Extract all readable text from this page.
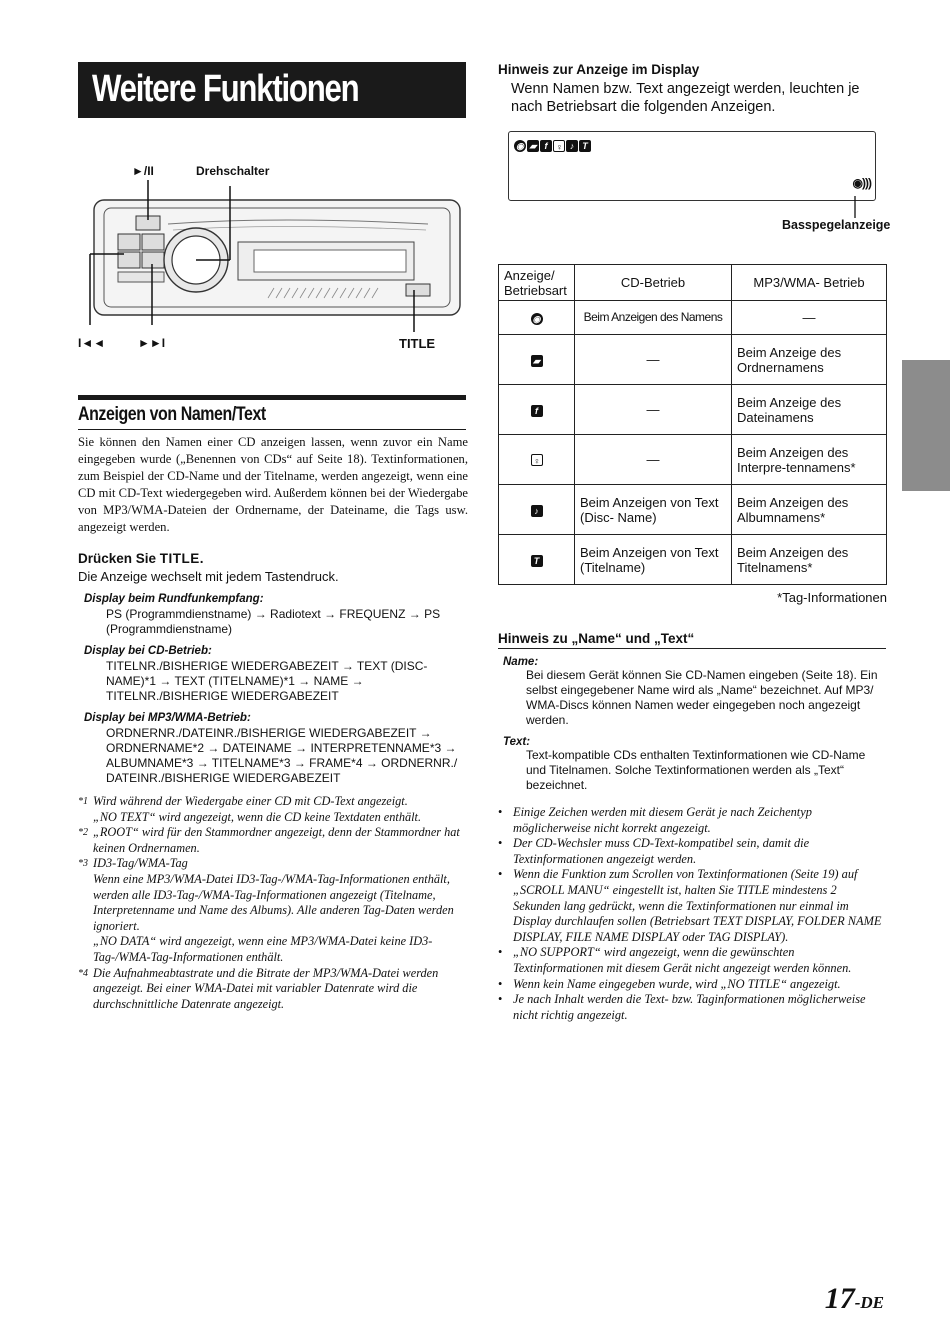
Weitere Funktionen
►/II	Drehschalter
I◄◄	►►I	TITLE
Anzeigen von Namen/Text
Sie können den Namen einer CD anzeigen lassen, wenn zuvor ein Name eingegeben wurde („Benennen von CDs“ auf Seite 18). Textinformationen, zum Beispiel der CD-Name und der Titelname, werden angezeigt, wenn eine CD mit CD-Text wiedergegeben wird. Außerdem können bei der Wiedergabe von MP3/WMA-Dateien der Ordnername, der Dateiname, die Tags usw. angezeigt werden.
Drücken Sie TITLE.
Die Anzeige wechselt mit jedem Tastendruck.
Display beim Rundfunkempfang:
PS (Programmdienstname) → Radiotext → FREQUENZ → PS (Programmdienstname)
Display bei CD-Betrieb:
TITELNR./BISHERIGE WIEDERGABEZEIT → TEXT (DISC-NAME)*1 → TEXT (TITELNAME)*1 → NAME → TITELNR./BISHERIGE WIEDERGABEZEIT
Display bei MP3/WMA-Betrieb:
ORDNERNR./DATEINR./BISHERIGE WIEDERGABEZEIT → ORDNERNAME*2 → DATEINAME → INTERPRETENNAME*3 → ALBUMNAME*3 → TITELNAME*3 → FRAME*4 → ORDNERNR./ DATEINR./BISHERIGE WIEDERGABEZEIT
*1 Wird während der Wiedergabe einer CD mit CD-Text angezeigt.
„NO TEXT“ wird angezeigt, wenn die CD keine Textdaten enthält.
*2 „ROOT“ wird für den Stammordner angezeigt, denn der Stammordner hat keinen Ordnernamen.
*3 ID3-Tag/WMA-Tag
Wenn eine MP3/WMA-Datei ID3-Tag-/WMA-Tag-Informationen enthält, werden alle ID3-Tag-/WMA-Tag-Informationen angezeigt (Titelname, Interpretenname und Name des Albums). Alle anderen Tag-Daten werden ignoriert.
„NO DATA“ wird angezeigt, wenn eine MP3/WMA-Datei keine ID3-Tag-/WMA-Tag-Informationen enthält.
*4 Die Aufnahmeabtastrate und die Bitrate der MP3/WMA-Datei werden angezeigt. Bei einer WMA-Datei mit variabler Datenrate wird die durchschnittliche Datenrate angezeigt.
Hinweis zur Anzeige im Display
Wenn Namen bzw. Text angezeigt werden, leuchten je nach Betriebsart die folgenden Anzeigen.
◉ ▰ f ♀ ♪ T
◉)))
Basspegelanzeige
Anzeige/ Betriebsart	CD-Betrieb	MP3/WMA- Betrieb
◉	Beim Anzeigen des Namens	—
▰	—	Beim Anzeige des Ordnernamens
f	—	Beim Anzeige des Dateinamens
♀	—	Beim Anzeigen des Interpre-tennamens*
♪	Beim Anzeigen von Text (Disc- Name)	Beim Anzeigen des Albumnamens*
T	Beim Anzeigen von Text (Titelname)	Beim Anzeigen des Titelnamens*
*Tag-Informationen
Hinweis zu „Name“ und „Text“
Name:
Bei diesem Gerät können Sie CD-Namen eingeben (Seite 18). Ein selbst eingegebener Name wird als „Name“ bezeichnet. Auf MP3/ WMA-Discs können Namen weder eingegeben noch angezeigt werden.
Text:
Text-kompatible CDs enthalten Textinformationen wie CD-Name und Titelnamen. Solche Textinformationen werden als „Text“ bezeichnet.
• Einige Zeichen werden mit diesem Gerät je nach Zeichentyp möglicherweise nicht korrekt angezeigt.
• Der CD-Wechsler muss CD-Text-kompatibel sein, damit die Textinformationen angezeigt werden.
• Wenn die Funktion zum Scrollen von Textinformationen (Seite 19) auf „SCROLL MANU“ eingestellt ist, halten Sie TITLE mindestens 2 Sekunden lang gedrückt, wenn die Textinformationen nur einmal im Display durchlaufen sollen (Betriebsart TEXT DISPLAY, FOLDER NAME DISPLAY, FILE NAME DISPLAY oder TAG DISPLAY).
• „NO SUPPORT“ wird angezeigt, wenn die gewünschten Textinformationen mit diesem Gerät nicht angezeigt werden können.
• Wenn kein Name eingegeben wurde, wird „NO TITLE“ angezeigt.
• Je nach Inhalt werden die Text- bzw. Taginformationen möglicherweise nicht richtig angezeigt.
17-DE
